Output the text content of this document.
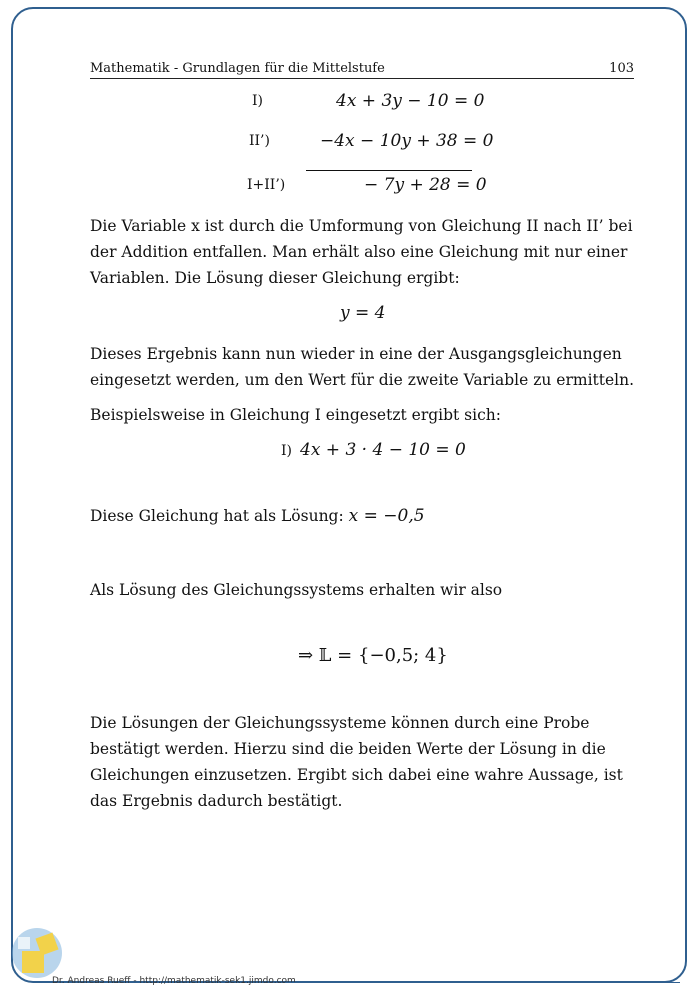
Mathematik - Grundlagen für die Mittelstufe	103
I)	4x + 3y − 10 = 0
II’)	−4x − 10y + 38 = 0
I+II’)	− 7y + 28 = 0

Die Variable x ist durch die Umformung von Gleichung II nach II’ bei der Addition entfallen. Man erhält also eine Gleichung mit nur einer Variablen. Die Lösung dieser Gleichung ergibt:

y = 4

Dieses Ergebnis kann nun wieder in eine der Ausgangsgleichungen eingesetzt werden, um den Wert für die zweite Variable zu ermitteln.

Beispielsweise in Gleichung I eingesetzt ergibt sich:

I) 4x + 3 · 4 − 10 = 0
Diese Gleichung hat als Lösung: x = −0,5

Als Lösung des Gleichungssystems erhalten wir also

⇒ 𝕃 = {−0,5; 4}

Die Lösungen der Gleichungssysteme können durch eine Probe bestätigt werden. Hierzu sind die beiden Werte der Lösung in die Gleichungen einzusetzen. Ergibt sich dabei eine wahre Aussage, ist das Ergebnis dadurch bestätigt.

Dr. Andreas Rueff - http://mathematik-sek1.jimdo.com
